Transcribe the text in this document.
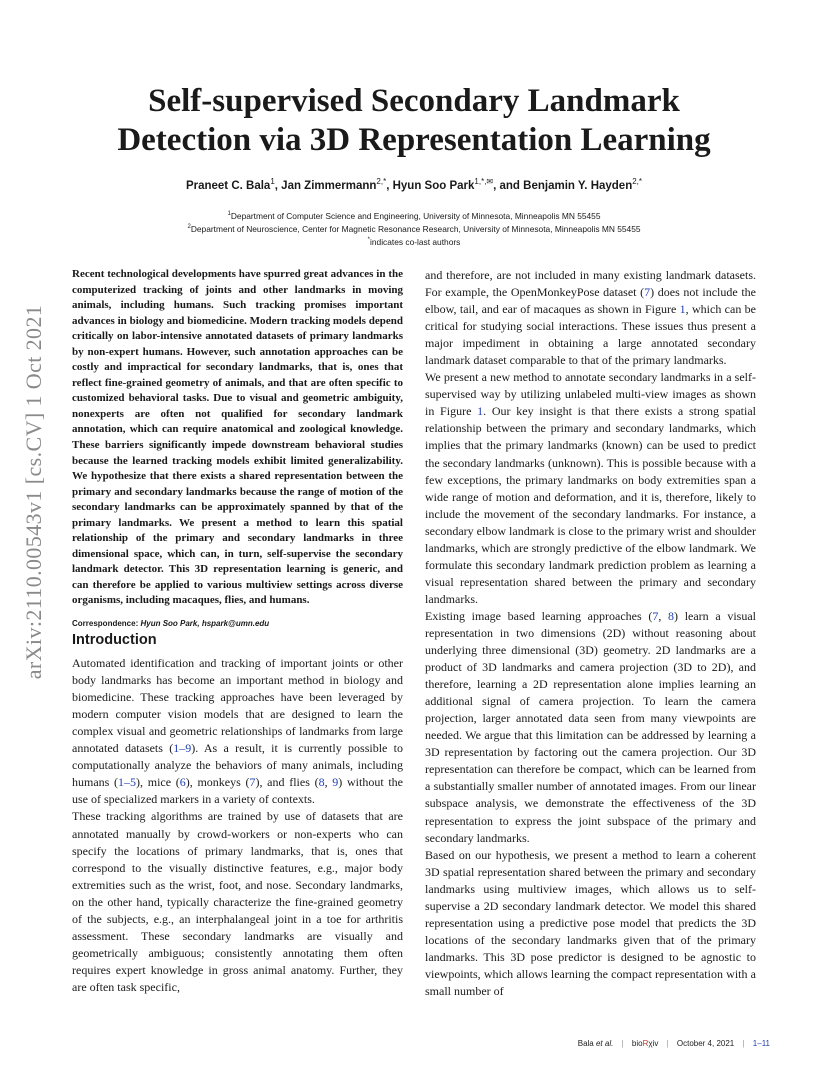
arXiv:2110.00543v1 [cs.CV] 1 Oct 2021
Self-supervised Secondary Landmark
Detection via 3D Representation Learning
Praneet C. Bala$^1$, Jan Zimmermann$^{2,*}$, Hyun Soo Park$^{1,*,✉}$, and Benjamin Y. Hayden$^{2,*}$
$^1$Department of Computer Science and Engineering, University of Minnesota, Minneapolis MN 55455
$^2$Department of Neuroscience, Center for Magnetic Resonance Research, University of Minnesota, Minneapolis MN 55455
*indicates co-last authors

Recent technological developments have spurred great advances in the computerized tracking of joints and other landmarks in moving animals, including humans. Such tracking promises important advances in biology and biomedicine. Modern tracking models depend critically on labor-intensive annotated datasets of primary landmarks by non-expert humans. However, such annotation approaches can be costly and impractical for secondary landmarks, that is, ones that reflect fine-grained geometry of animals, and that are often specific to customized behavioral tasks. Due to visual and geometric ambiguity, nonexperts are often not qualified for secondary landmark annotation, which can require anatomical and zoological knowledge. These barriers significantly impede downstream behavioral studies because the learned tracking models exhibit limited generalizability. We hypothesize that there exists a shared representation between the primary and secondary landmarks because the range of motion of the secondary landmarks can be approximately spanned by that of the primary landmarks. We present a method to learn this spatial relationship of the primary and secondary landmarks in three dimensional space, which can, in turn, self-supervise the secondary landmark detector. This 3D representation learning is generic, and can therefore be applied to various multiview settings across diverse organisms, including macaques, flies, and humans.

Correspondence: Hyun Soo Park, hspark@umn.edu
Introduction

Automated identification and tracking of important joints or other body landmarks has become an important method in biology and biomedicine. These tracking approaches have been leveraged by modern computer vision models that are designed to learn the complex visual and geometric relationships of landmarks from large annotated datasets (1–9). As a result, it is currently possible to computationally analyze the behaviors of many animals, including humans (1–5), mice (6), monkeys (7), and flies (8, 9) without the use of specialized markers in a variety of contexts.

These tracking algorithms are trained by use of datasets that are annotated manually by crowd-workers or non-experts who can specify the locations of primary landmarks, that is, ones that correspond to the visually distinctive features, e.g., major body extremities such as the wrist, foot, and nose. Secondary landmarks, on the other hand, typically characterize the fine-grained geometry of the subjects, e.g., an interphalangeal joint in a toe for arthritis assessment. These secondary landmarks are visually and geometrically ambiguous; consistently annotating them often requires expert knowledge in gross animal anatomy. Further, they are often task specific,

and therefore, are not included in many existing landmark datasets. For example, the OpenMonkeyPose dataset (7) does not include the elbow, tail, and ear of macaques as shown in Figure 1, which can be critical for studying social interactions. These issues thus present a major impediment in obtaining a large annotated secondary landmark dataset comparable to that of the primary landmarks.

We present a new method to annotate secondary landmarks in a self-supervised way by utilizing unlabeled multi-view images as shown in Figure 1. Our key insight is that there exists a strong spatial relationship between the primary and secondary landmarks, which implies that the primary landmarks (known) can be used to predict the secondary landmarks (unknown). This is possible because with a few exceptions, the primary landmarks on body extremities span a wide range of motion and deformation, and it is, therefore, likely to include the movement of the secondary landmarks. For instance, a secondary elbow landmark is close to the primary wrist and shoulder landmarks, which are strongly predictive of the elbow landmark. We formulate this secondary landmark prediction problem as learning a visual representation shared between the primary and secondary landmarks.

Existing image based learning approaches (7, 8) learn a visual representation in two dimensions (2D) without reasoning about underlying three dimensional (3D) geometry. 2D landmarks are a product of 3D landmarks and camera projection (3D to 2D), and therefore, learning a 2D representation alone implies learning an additional signal of camera projection. To learn the camera projection, larger annotated data seen from many viewpoints are needed. We argue that this limitation can be addressed by learning a 3D representation by factoring out the camera projection. Our 3D representation can therefore be compact, which can be learned from a substantially smaller number of annotated images. From our linear subspace analysis, we demonstrate the effectiveness of the 3D representation to express the joint subspace of the primary and secondary landmarks.

Based on our hypothesis, we present a method to learn a coherent 3D spatial representation shared between the primary and secondary landmarks using multiview images, which allows us to self-supervise a 2D secondary landmark detector. We model this shared representation using a predictive pose model that predicts the 3D locations of the secondary landmarks given that of the primary landmarks. This 3D pose predictor is designed to be agnostic to viewpoints, which allows learning the compact representation with a small number of

Bala et al. | bioRχiv | October 4, 2021 | 1–11
